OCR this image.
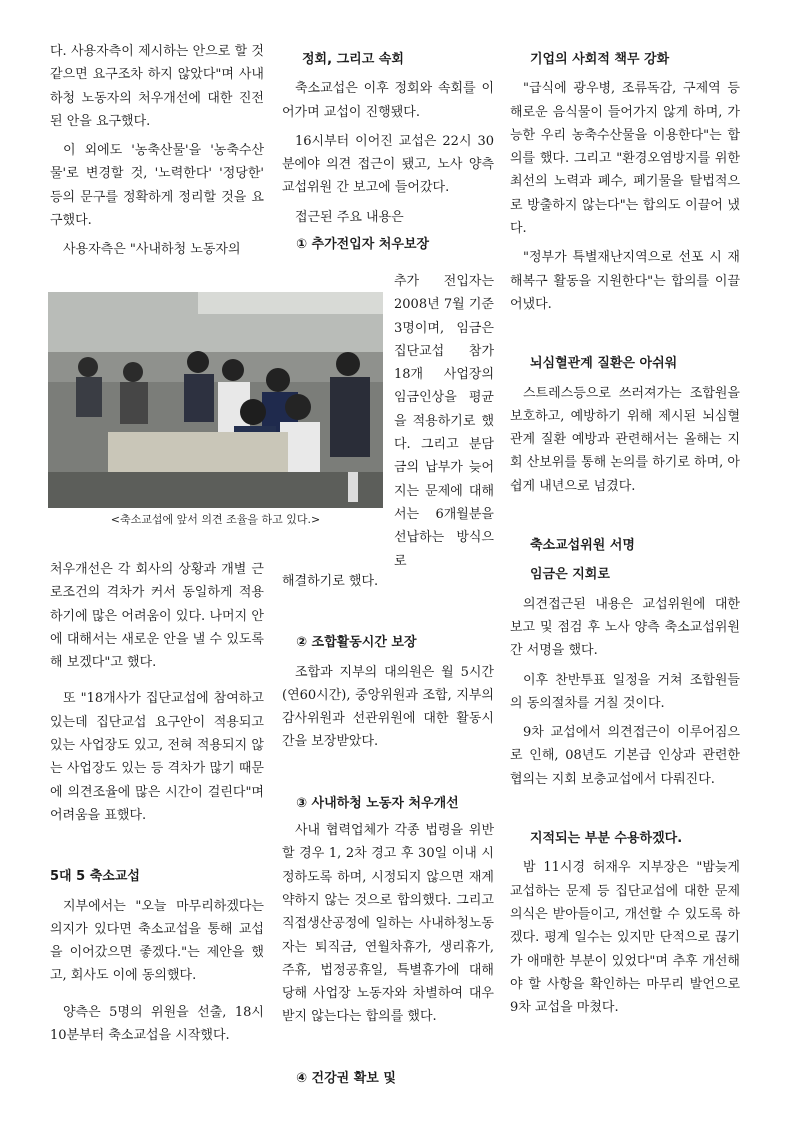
다. 사용자측이 제시하는 안으로 할 것 같으면 요구조차 하지 않았다"며 사내하청 노동자의 처우개선에 대한 진전된 안을 요구했다.

이 외에도 '농축산물'을 '농축수산물'로 변경할 것, '노력한다' '정당한' 등의 문구를 정확하게 정리할 것을 요구했다.

사용자측은 "사내하청 노동자의

<축소교섭에 앞서 의견 조율을 하고 있다.>

처우개선은 각 회사의 상황과 개별 근로조건의 격차가 커서 동일하게 적용하기에 많은 어려움이 있다. 나머지 안에 대해서는 새로운 안을 낼 수 있도록 해 보겠다"고 했다.

또 "18개사가 집단교섭에 참여하고 있는데 집단교섭 요구안이 적용되고 있는 사업장도 있고, 전혀 적용되지 않는 사업장도 있는 등 격차가 많기 때문에 의견조율에 많은 시간이 걸린다"며 어려움을 표했다.

5대 5 축소교섭

지부에서는 "오늘 마무리하겠다는 의지가 있다면 축소교섭을 통해 교섭을 이어갔으면 좋겠다."는 제안을 했고, 회사도 이에 동의했다.

양측은 5명의 위원을 선출, 18시 10분부터 축소교섭을 시작했다.

정회, 그리고 속회

축소교섭은 이후 정회와 속회를 이어가며 교섭이 진행됐다.

16시부터 이어진 교섭은 22시 30분에야 의견 접근이 됐고, 노사 양측 교섭위원 간 보고에 들어갔다.

접근된 주요 내용은

① 추가전입자 처우보장

추가 전입자는 2008년 7월 기준 3명이며, 임금은 집단교섭 참가 18개 사업장의 임금인상을 평균을 적용하기로 했다. 그리고 분담금의 납부가 늦어지는 문제에 대해서는 6개월분을 선납하는 방식으로

해결하기로 했다.

② 조합활동시간 보장

조합과 지부의 대의원은 월 5시간(연60시간), 중앙위원과 조합, 지부의 감사위원과 선관위원에 대한 활동시간을 보장받았다.

③ 사내하청 노동자 처우개선

사내 협력업체가 각종 법령을 위반할 경우 1, 2차 경고 후 30일 이내 시정하도록 하며, 시정되지 않으면 재계약하지 않는 것으로 합의했다. 그리고 직접생산공정에 일하는 사내하청노동자는 퇴직금, 연월차휴가, 생리휴가, 주휴, 법정공휴일, 특별휴가에 대해 당해 사업장 노동자와 차별하여 대우받지 않는다는 합의를 했다.

④ 건강권 확보 및

기업의 사회적 책무 강화

"급식에 광우병, 조류독감, 구제역 등 해로운 음식물이 들어가지 않게 하며, 가능한 우리 농축수산물을 이용한다"는 합의를 했다. 그리고 "환경오염방지를 위한 최선의 노력과 폐수, 폐기물을 탈법적으로 방출하지 않는다"는 합의도 이끌어 냈다.

"정부가 특별재난지역으로 선포 시 재해복구 활동을 지원한다"는 합의를 이끌어냈다.

뇌심혈관계 질환은 아쉬워

스트레스등으로 쓰러져가는 조합원을 보호하고, 예방하기 위해 제시된 뇌심혈관계 질환 예방과 관련해서는 올해는 지회 산보위를 통해 논의를 하기로 하며, 아쉽게 내년으로 넘겼다.

축소교섭위원 서명

임금은 지회로

의견접근된 내용은 교섭위원에 대한 보고 및 점검 후 노사 양측 축소교섭위원 간 서명을 했다.

이후 찬반투표 일정을 거쳐 조합원들의 동의절차를 거칠 것이다.

9차 교섭에서 의견접근이 이루어짐으로 인해, 08년도 기본급 인상과 관련한 협의는 지회 보충교섭에서 다뤄진다.

지적되는 부분 수용하겠다.

밤 11시경 허재우 지부장은 "밤늦게 교섭하는 문제 등 집단교섭에 대한 문제의식은 받아들이고, 개선할 수 있도록 하겠다. 평계 일수는 있지만 단적으로 끊기가 애매한 부분이 있었다"며 추후 개선해야 할 사항을 확인하는 마무리 발언으로 9차 교섭을 마쳤다.
